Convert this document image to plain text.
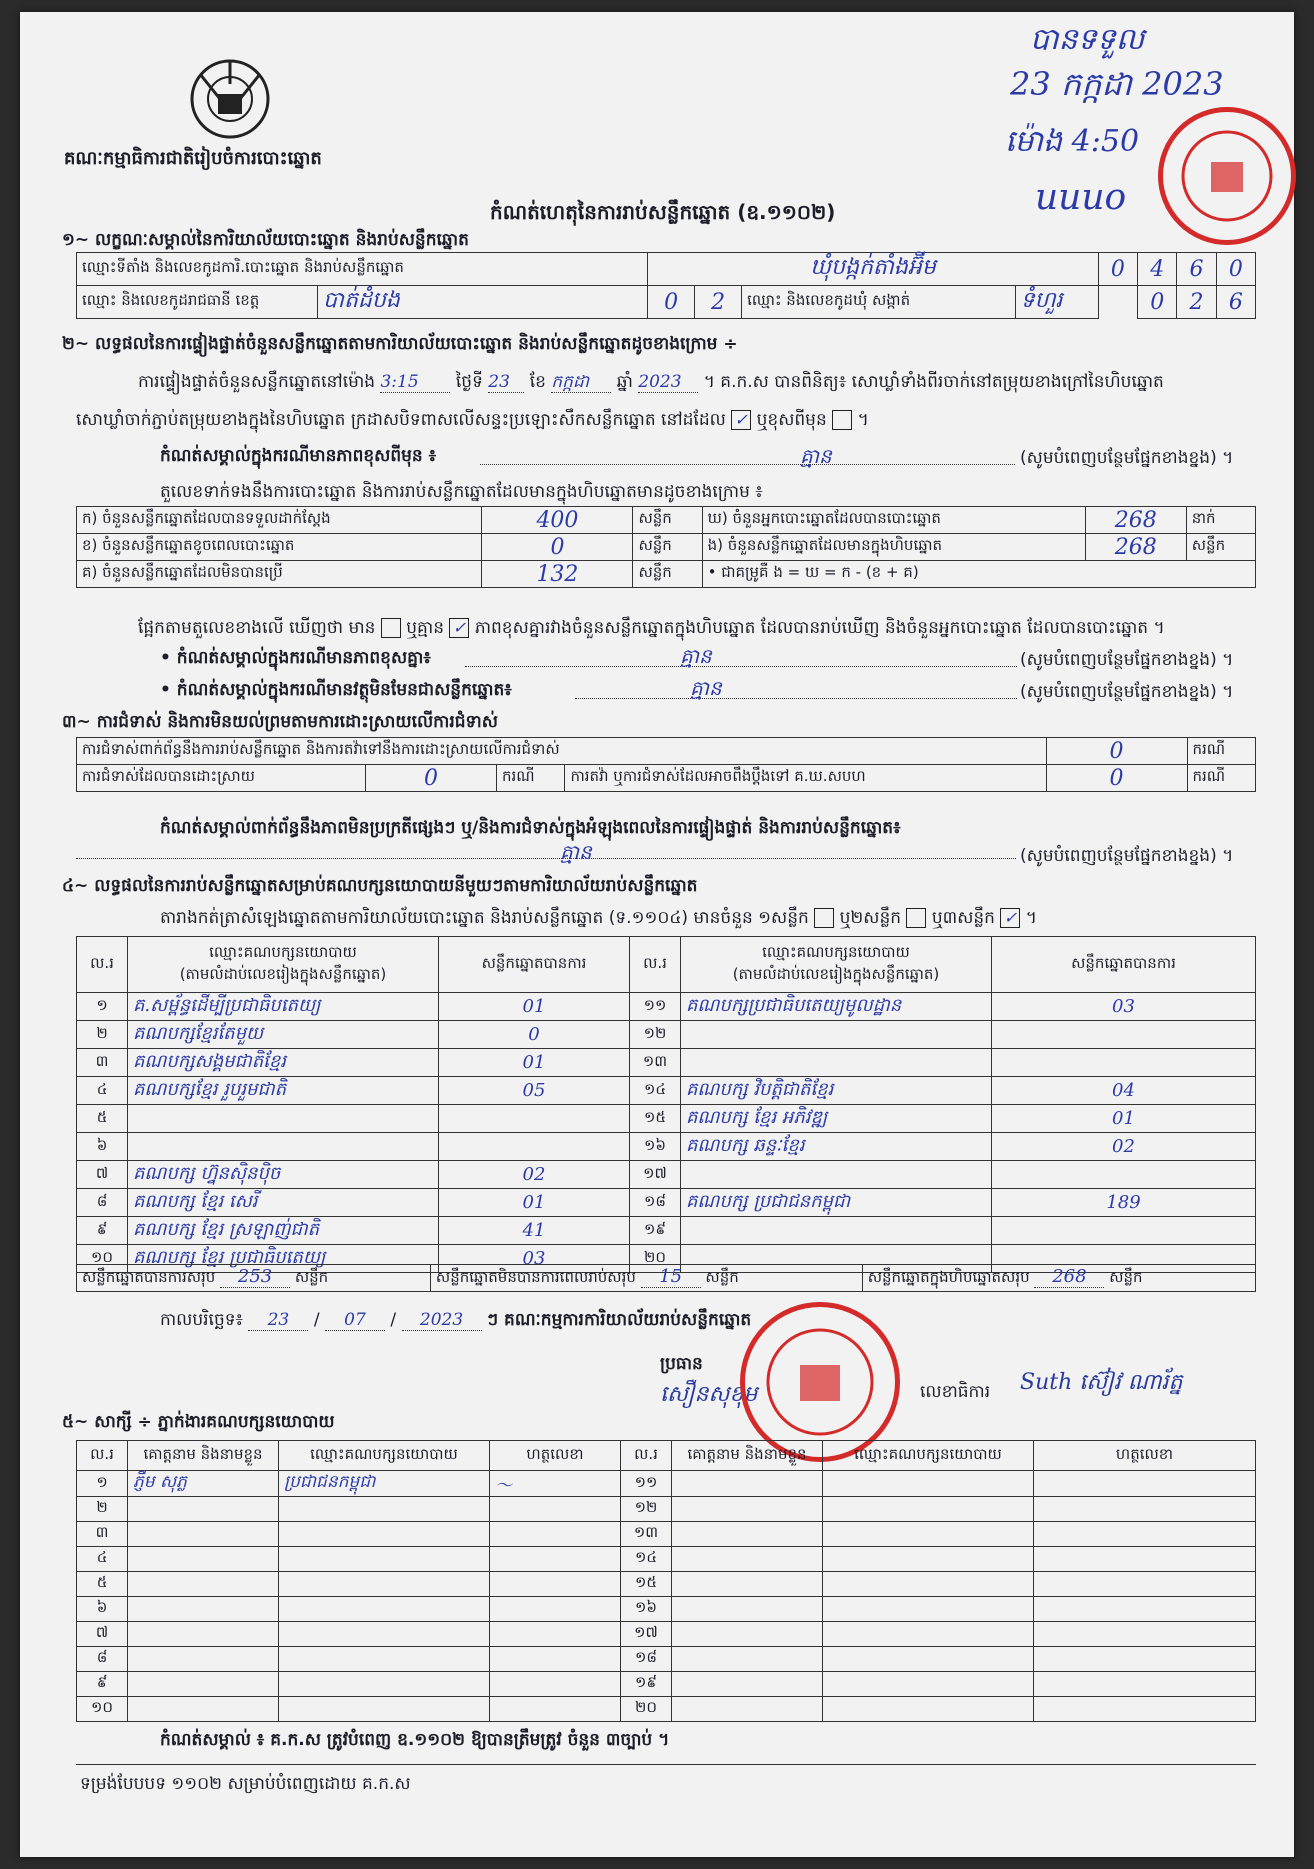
គណៈកម្មាធិការជាតិរៀបចំការបោះឆ្នោត
កំណត់ហេតុនៃការរាប់សន្លឹកឆ្នោត (ឧ.១១០២)
បានទទួល
23 កក្កដា 2023
ម៉ោង 4:50
uuuo
១~ លក្ខណៈសម្គាល់នៃការិយាល័យបោះឆ្នោត និងរាប់សន្លឹកឆ្នោត
ឈ្មោះទីតាំង និងលេខកូដការិ.បោះឆ្នោត និងរាប់សន្លឹកឆ្នោត		ឃុំបង្កក់តាំងអ៊ីម				0	4	6	0
ឈ្មោះ និងលេខកូដរាជធានី ខេត្ត	បាត់ដំបង	0	2	ឈ្មោះ និងលេខកូដឃុំ សង្កាត់	ទំហួរ		0	2	6
២~ លទ្ធផលនៃការផ្ទៀងផ្ទាត់ចំនួនសន្លឹកឆ្នោតតាមការិយាល័យបោះឆ្នោត និងរាប់សន្លឹកឆ្នោតដូចខាងក្រោម ÷
ការផ្ទៀងផ្ទាត់ចំនួនសន្លឹកឆ្នោតនៅម៉ោង 3:15 ថ្ងៃទី 23 ខែ កក្កដា ឆ្នាំ 2023 ។ គ.ក.ស បានពិនិត្យ៖ សោឃ្លាំទាំងពីរចាក់នៅតម្រុយខាងក្រៅនៃហិបឆ្នោត
សោឃ្លាំចាក់ភ្ជាប់តម្រុយខាងក្នុងនៃហិបឆ្នោត ក្រដាសបិទពាសលើសន្ទះប្រឡោះសឹកសន្លឹកឆ្នោត នៅដដែល ✓ ឬខុសពីមុន  ។
កំណត់សម្គាល់ក្នុងករណីមានភាពខុសពីមុន ៖	គ្មាន	(សូមបំពេញបន្ថែមផ្នែកខាងខ្នង) ។
តួលេខទាក់ទងនឹងការបោះឆ្នោត និងការរាប់សន្លឹកឆ្នោតដែលមានក្នុងហិបឆ្នោតមានដូចខាងក្រោម ៖
ក) ចំនួនសន្លឹកឆ្នោតដែលបានទទួលដាក់ស្តែង	400	សន្លឹក	ឃ) ចំនួនអ្នកបោះឆ្នោតដែលបានបោះឆ្នោត	268	នាក់
ខ) ចំនួនសន្លឹកឆ្នោតខូចពេលបោះឆ្នោត	0	សន្លឹក	ង) ចំនួនសន្លឹកឆ្នោតដែលមានក្នុងហិបឆ្នោត	268	សន្លឹក
គ) ចំនួនសន្លឹកឆ្នោតដែលមិនបានប្រើ	132	សន្លឹក	• ជាគម្រូគឺ ង = ឃ = ក - (ខ + គ)		
ផ្អែកតាមតួលេខខាងលើ ឃើញថា មាន ឬគ្មាន ✓ ភាពខុសគ្នារវាងចំនួនសន្លឹកឆ្នោតក្នុងហិបឆ្នោត ដែលបានរាប់ឃើញ និងចំនួនអ្នកបោះឆ្នោត ដែលបានបោះឆ្នោត ។
• កំណត់សម្គាល់ក្នុងករណីមានភាពខុសគ្នា៖	គ្មាន	(សូមបំពេញបន្ថែមផ្នែកខាងខ្នង) ។
• កំណត់សម្គាល់ក្នុងករណីមានវត្ថុមិនមែនជាសន្លឹកឆ្នោត៖	គ្មាន	(សូមបំពេញបន្ថែមផ្នែកខាងខ្នង) ។
៣~ ការជំទាស់ និងការមិនយល់ព្រមតាមការដោះស្រាយលើការជំទាស់
ការជំទាស់ពាក់ព័ន្ធនឹងការរាប់សន្លឹកឆ្នោត និងការតវ៉ាទៅនឹងការដោះស្រាយលើការជំទាស់				0	ករណី
ការជំទាស់ដែលបានដោះស្រាយ	0	ករណី	ការតវ៉ា ឬការជំទាស់ដែលអាចពឹងប្តឹងទៅ គ.ឃ.សបហ	0	ករណី
កំណត់សម្គាល់ពាក់ព័ន្ធនឹងភាពមិនប្រក្រតីផ្សេងៗ ឬ/និងការជំទាស់ក្នុងអំឡុងពេលនៃការផ្ទៀងផ្ទាត់ និងការរាប់សន្លឹកឆ្នោត៖
គ្មាន	(សូមបំពេញបន្ថែមផ្នែកខាងខ្នង) ។
៤~ លទ្ធផលនៃការរាប់សន្លឹកឆ្នោតសម្រាប់គណបក្សនយោបាយនីមួយៗតាមការិយាល័យរាប់សន្លឹកឆ្នោត
តារាងកត់ត្រាសំឡេងឆ្នោតតាមការិយាល័យបោះឆ្នោត និងរាប់សន្លឹកឆ្នោត (ទ.១១០៤) មានចំនួន ១សន្លឹក ឬ២សន្លឹក ឬ៣សន្លឹក ✓ ។
ល.រ	ឈ្មោះគណបក្សនយោបាយ
(តាមលំដាប់លេខរៀងក្នុងសន្លឹកឆ្នោត)	សន្លឹកឆ្នោតបានការ	ល.រ	ឈ្មោះគណបក្សនយោបាយ
(តាមលំដាប់លេខរៀងក្នុងសន្លឹកឆ្នោត)	សន្លឹកឆ្នោតបានការ
១	គ.សម្ព័ន្ធដើម្បីប្រជាធិបតេយ្យ	01	១១	គណបក្សប្រជាធិបតេយ្យមូលដ្ឋាន	03
២	គណបក្សខ្មែរតែមួយ	0	១២		
៣	គណបក្សសង្គមជាតិខ្មែរ	01	១៣		
៤	គណបក្សខ្មែរ រួបរួមជាតិ	05	១៤	គណបក្ស វិបត្តិជាតិខ្មែរ	04
៥			១៥	គណបក្ស ខ្មែរ អភិវឌ្ឍ	01
៦			១៦	គណបក្ស ឆន្ទៈខ្មែរ	02
៧	គណបក្ស ហ្វ៊ុនស៊ិនប៉ិច	02	១៧		
៨	គណបក្ស ខ្មែរ សេរី	01	១៨	គណបក្ស ប្រជាជនកម្ពុជា	189
៩	គណបក្ស ខ្មែរ ស្រឡាញ់ជាតិ	41	១៩		
១០	គណបក្ស ខ្មែរ ប្រជាធិបតេយ្យ	03	២០		
សន្លឹកឆ្នោតបានការសរុប 253 សន្លឹក	សន្លឹកឆ្នោតមិនបានការពេលរាប់សរុប 15 សន្លឹក	សន្លឹកឆ្នោតក្នុងហិបឆ្នោតសរុប 268 សន្លឹក
កាលបរិច្ឆេទ៖ 23 / 07 / 2023 ៗ គណៈកម្មការការិយាល័យរាប់សន្លឹកឆ្នោត
ប្រធាន
សឿនសុខុម	លេខាធិការ Suth ស៊ៀវ ណារ័ត្ន
៥~ សាក្សី ÷ ភ្នាក់ងារគណបក្សនយោបាយ
ល.រ	គោត្តនាម និងនាមខ្លួន	ឈ្មោះគណបក្សនយោបាយ	ហត្ថលេខា	ល.រ	គោត្តនាម និងនាមខ្លួន	ឈ្មោះគណបក្សនយោបាយ	ហត្ថលេខា
១	ភ្ញឹម សុភ្ល	ប្រជាជនកម្ពុជា	〜	១១			
២				១២			
៣				១៣			
៤				១៤			
៥				១៥			
៦				១៦			
៧				១៧			
៨				១៨			
៩				១៩			
១០				២០			
កំណត់សម្គាល់ ៖ គ.ក.ស ត្រូវបំពេញ ឧ.១១០២ ឱ្យបានត្រឹមត្រូវ ចំនួន ៣ច្បាប់ ។
ទម្រង់បែបបទ ១១០២ សម្រាប់បំពេញដោយ គ.ក.ស
